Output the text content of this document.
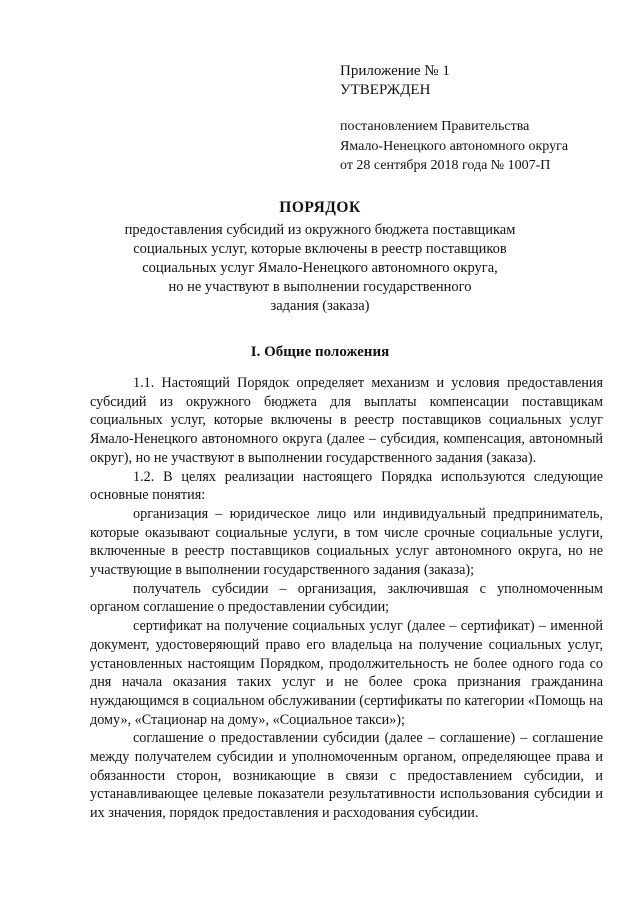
Приложение № 1
УТВЕРЖДЕН
постановлением Правительства
Ямало-Ненецкого автономного округа
от 28 сентября 2018 года № 1007-П
ПОРЯДОК
предоставления субсидий из окружного бюджета поставщикам
социальных услуг, которые включены в реестр поставщиков
социальных услуг Ямало-Ненецкого автономного округа,
но не участвуют в выполнении государственного
задания (заказа)
I. Общие положения

1.1. Настоящий Порядок определяет механизм и условия предоставления субсидий из окружного бюджета для выплаты компенсации поставщикам социальных услуг, которые включены в реестр поставщиков социальных услуг Ямало-Ненецкого автономного округа (далее – субсидия, компенсация, автономный округ), но не участвуют в выполнении государственного задания (заказа).

1.2. В целях реализации настоящего Порядка используются следующие основные понятия:

организация – юридическое лицо или индивидуальный предприниматель, которые оказывают социальные услуги, в том числе срочные социальные услуги, включенные в реестр поставщиков социальных услуг автономного округа, но не участвующие в выполнении государственного задания (заказа);

получатель субсидии – организация, заключившая с уполномоченным органом соглашение о предоставлении субсидии;

сертификат на получение социальных услуг (далее – сертификат) – именной документ, удостоверяющий право его владельца на получение социальных услуг, установленных настоящим Порядком, продолжительность не более одного года со дня начала оказания таких услуг и не более срока признания гражданина нуждающимся в социальном обслуживании (сертификаты по категории «Помощь на дому», «Стационар на дому», «Социальное такси»);

соглашение о предоставлении субсидии (далее – соглашение) – соглашение между получателем субсидии и уполномоченным органом, определяющее права и обязанности сторон, возникающие в связи с предоставлением субсидии, и устанавливающее целевые показатели результативности использования субсидии и их значения, порядок предоставления и расходования субсидии.
